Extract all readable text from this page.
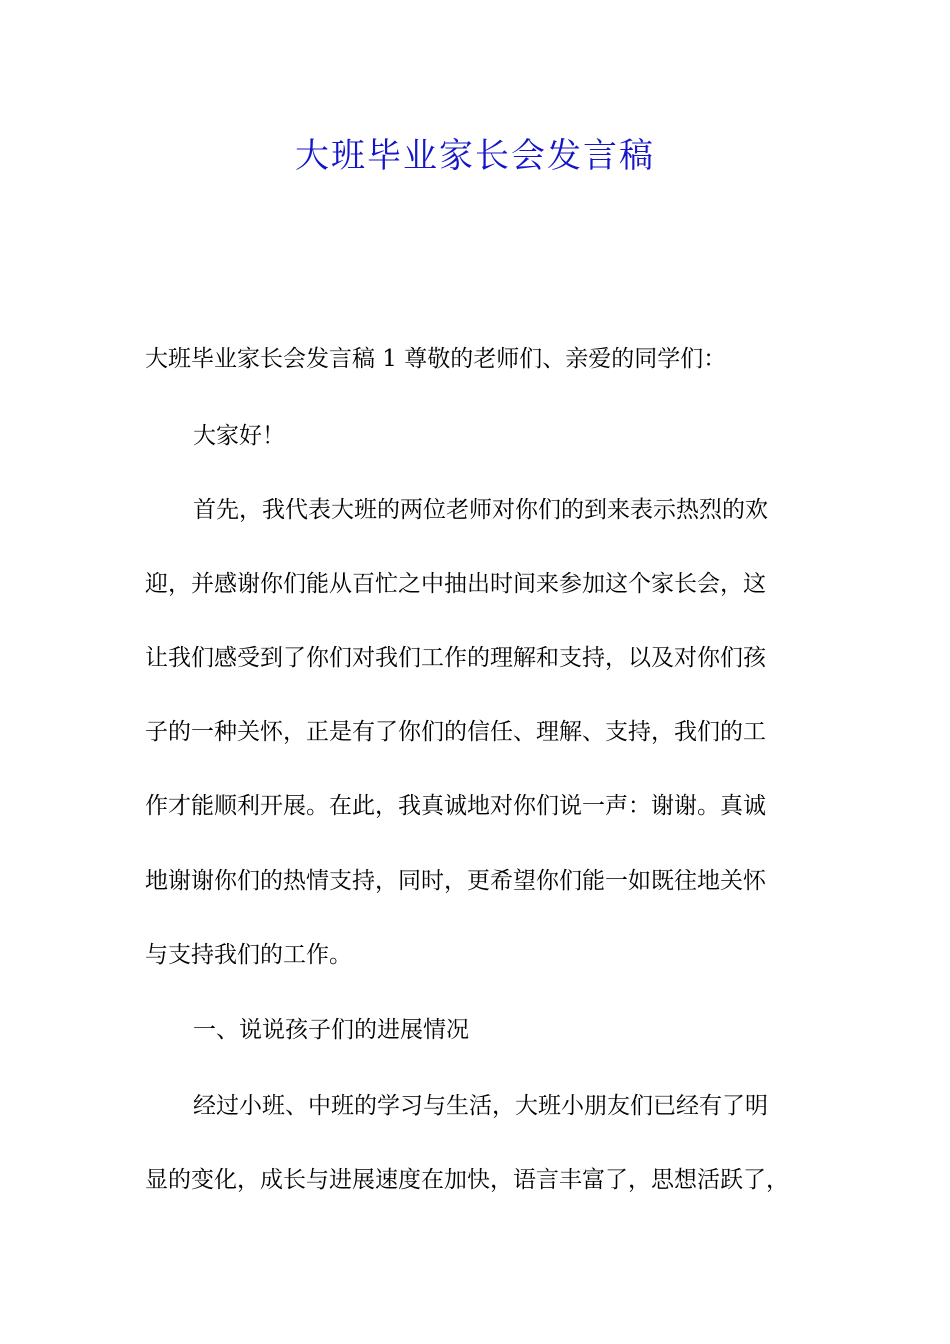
大班毕业家长会发言稿

大班毕业家长会发言稿 1 尊敬的老师们、亲爱的同学们：

大家好！

首先，我代表大班的两位老师对你们的到来表示热烈的欢

迎，并感谢你们能从百忙之中抽出时间来参加这个家长会，这

让我们感受到了你们对我们工作的理解和支持，以及对你们孩

子的一种关怀，正是有了你们的信任、理解、支持，我们的工

作才能顺利开展。在此，我真诚地对你们说一声：谢谢。真诚

地谢谢你们的热情支持，同时，更希望你们能一如既往地关怀

与支持我们的工作。

一、说说孩子们的进展情况

经过小班、中班的学习与生活，大班小朋友们已经有了明

显的变化，成长与进展速度在加快，语言丰富了，思想活跃了，
